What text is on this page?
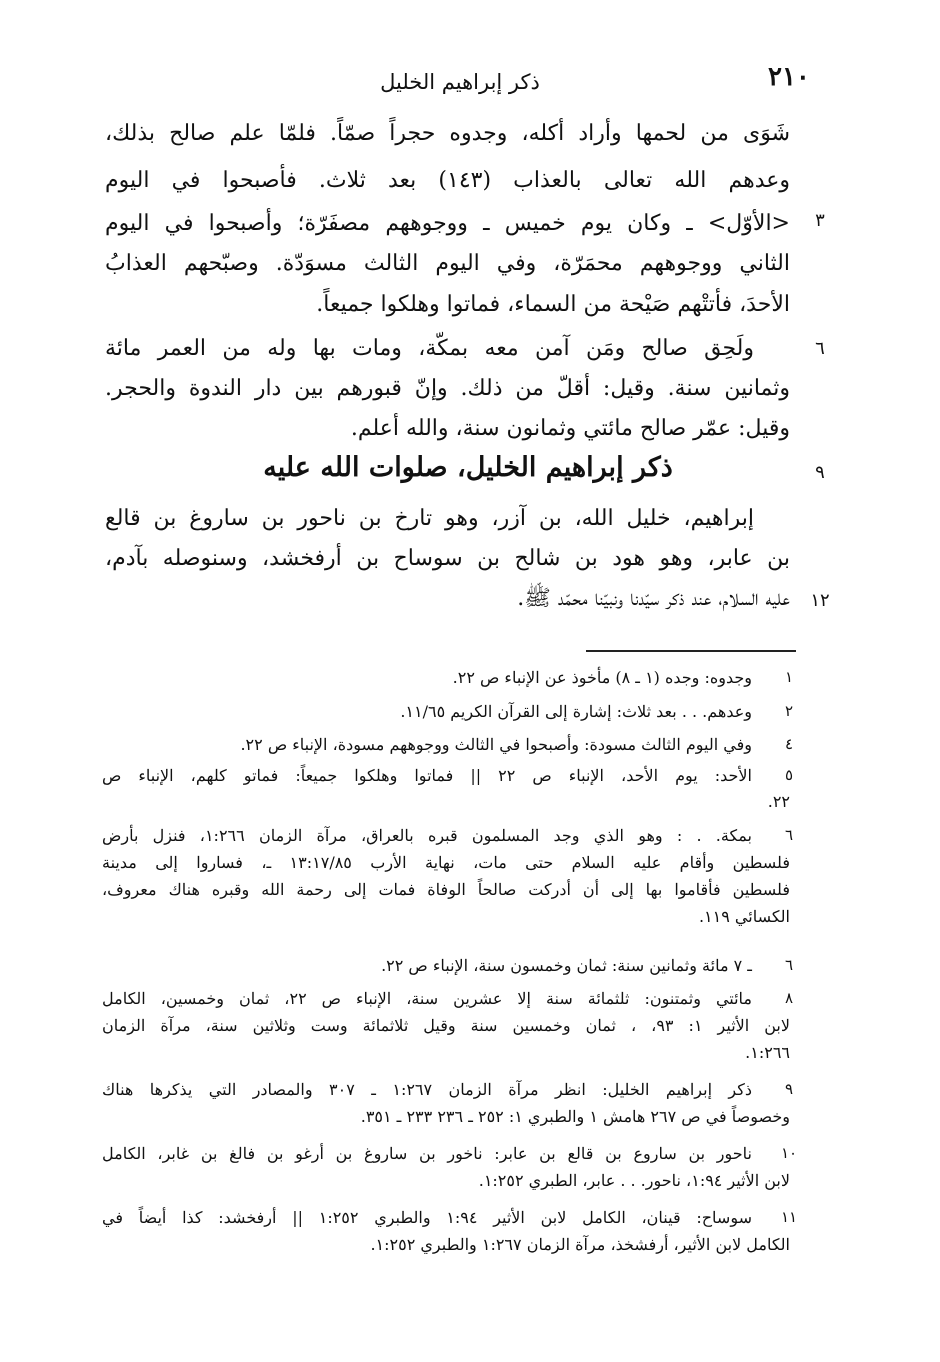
٢١٠
ذكر إبراهيم الخليل
شَوَى من لحمها وأراد أكله، وجدوه حجراً صمّاً. فلمّا علم صالح بذلك،
وعدهم الله تعالى بالعذاب (١٤٣) بعد ثلاث. فأصبحوا في اليوم
<الأوّل> ـ وكان يوم خميس ـ ووجوههم مصفَرّة؛ وأصبحوا في اليوم
الثاني ووجوههم محمَرّة، وفي اليوم الثالث مسوَدّة. وصبّحهم العذابُ
الأحدَ، فأتتْهم صَيْحة من السماء، فماتوا وهلكوا جميعاً.
ولَحِق صالح ومَن آمن معه بمكّة، ومات بها وله من العمر مائة
وثمانين سنة. وقيل: أقلّ من ذلك. وإنّ قبورهم بين دار الندوة والحجر.
وقيل: عمّر صالح مائتي وثمانون سنة، والله أعلم.
ذكر إبراهيم الخليل، صلوات الله عليه
إبراهيم، خليل الله، بن آزر، وهو تارخ بن ناحور بن ساروغ بن قالع
بن عابر، وهو هود بن شالح بن سوساح بن أرفخشد، وسنوصله بآدم،
عليه السلام، عند ذكر سيّدنا ونبيّنا محمّد ﷺ.
٣
٦
٩
١٢
وجدوه: وجده (١ ـ ٨) مأخوذ عن الإنباء ص ٢٢.
وعدهم. . . بعد ثلاث: إشارة إلى القرآن الكريم ١١/٦٥.
وفي اليوم الثالث مسودة: وأصبحوا في الثالث ووجوههم مسودة، الإنباء ص ٢٢.
الأحد: يوم الأحد، الإنباء ص ٢٢ || فماتوا وهلكوا جميعاً: فماتو كلهم، الإنباء ص
٢٢.
بمكة. . : وهو الذي وجد المسلمون قبره بالعراق، مرآة الزمان ١:٢٦٦، فنزل بأرض
فلسطين وأقام عليه السلام حتى مات، نهاية الأرب ١٣:١٧/٨٥ ـ، فساروا إلى مدينة
فلسطين فأقاموا بها إلى أن أدركت صالحاً الوفاة فمات إلى رحمة الله وقبره هناك معروف،
الكسائي ١١٩.
ـ ٧ مائة وثمانين سنة: ثمان وخمسون سنة، الإنباء ص ٢٢.
مائتي وثمتنون: ثلثمائة سنة إلا عشرين سنة، الإنباء ص ٢٢، ثمان وخمسين، الكامل
لابن الأثير ١: ٩٣، ، ثمان وخمسين سنة وقيل ثلاثمائة وست وثلاثين سنة، مرآة الزمان
١:٢٦٦.
ذكر إبراهيم الخليل: انظر مرآة الزمان ١:٢٦٧ ـ ٣٠٧ والمصادر التي يذكرها هناك
وخصوصاً في ص ٢٦٧ هامش ١ والطبري ١: ٢٥٢ ـ ٢٣٦ ٢٣٣ ـ ٣٥١.
ناحور بن ساروع بن قالع بن عابر: ناخور بن ساروغ بن أرغو بن فالغ بن غابر، الكامل
لابن الأثير ١:٩٤، ناحور. . . عابر، الطبري ١:٢٥٢.
سوساح: قينان، الكامل لابن الأثير ١:٩٤ والطبري ١:٢٥٢ || أرفخشد: كذا أيضاً في
الكامل لابن الأثير، أرفشخذ، مرآة الزمان ١:٢٦٧ والطبري ١:٢٥٢.
١
٢
٤
٥
٦
٦
٨
٩
١٠
١١
